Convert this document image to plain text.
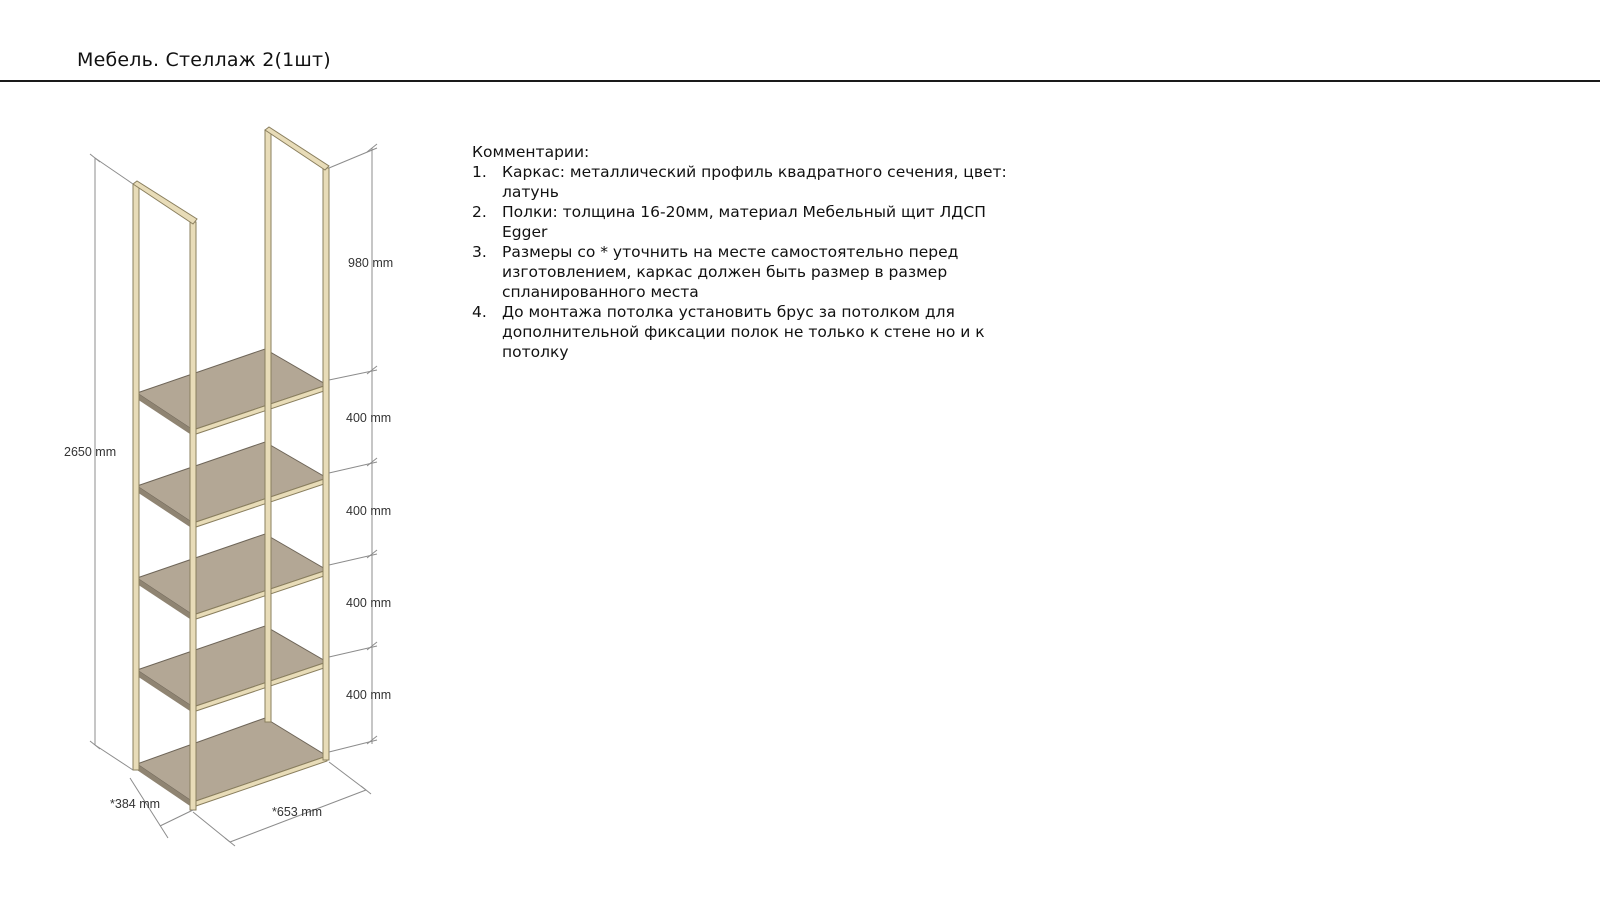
Мебель. Стеллаж 2(1шт)
2650 mm
980 mm
400 mm
400 mm
400 mm
400 mm
*384 mm
*653 mm
Комментарии:
1. Каркас: металлический профиль квадратного сечения, цвет: латунь
2. Полки: толщина 16-20мм, материал Мебельный щит ЛДСП Egger
3. Размеры со * уточнить на месте самостоятельно перед изготовлением, каркас должен быть размер в размер спланированного места
4. До монтажа потолка установить брус за потолком для дополнительной фиксации полок не только к стене но и к потолку
